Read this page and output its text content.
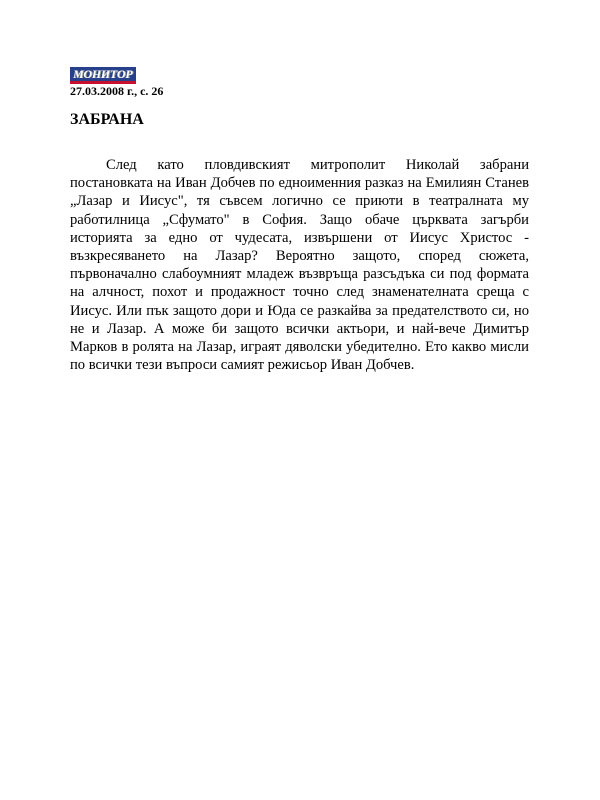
МОНИТОР
27.03.2008 г., с. 26
ЗАБРАНА

След като пловдивският митрополит Николай забрани постановката на Иван Добчев по едноименния разказ на Емилиян Станев „Лазар и Иисус", тя съвсем логично се приюти в театралната му работилница „Сфумато" в София. Защо обаче църквата загърби историята за едно от чудесата, извършени от Иисус Христос - възкресяването на Лазар? Вероятно защото, според сюжета, първоначално слабоумният младеж възвръща разсъдъка си под формата на алчност, похот и продажност точно след знаменателната среща с Иисус. Или пък защото дори и Юда се разкайва за предателството си, но не и Лазар. А може би защото всички актьори, и най-вече Димитър Марков в ролята на Лазар, играят дяволски убедително. Ето какво мисли по всички тези въпроси самият режисьор Иван Добчев.
